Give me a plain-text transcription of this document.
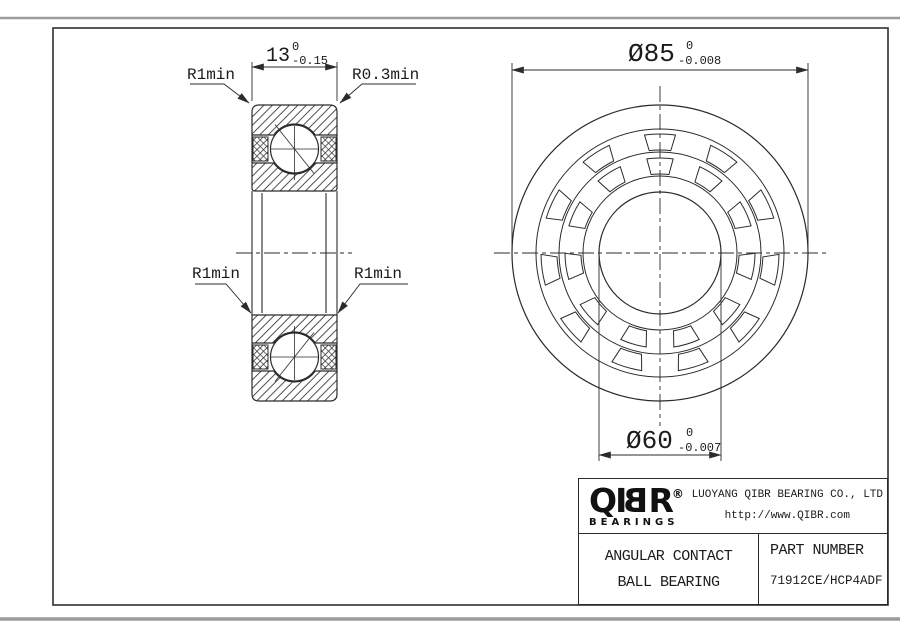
13 0
-0.15
R1min	R0.3min
R1min	R1min
Ø85 0
-0.008
Ø60 0
-0.007
QIBR®
BEARINGS
LUOYANG QIBR BEARING CO., LTD
http://www.QIBR.com
ANGULAR CONTACT
BALL BEARING
PART NUMBER
71912CE/HCP4ADF
